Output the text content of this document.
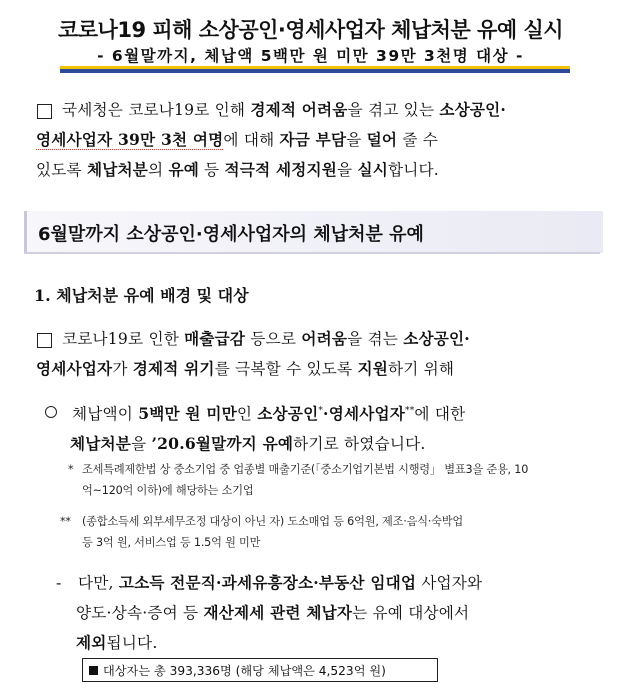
코로나19 피해 소상공인·영세사업자 체납처분 유예 실시
- 6월말까지, 체납액 5백만 원 미만 39만 3천명 대상 -
국세청은 코로나19로 인해 경제적 어려움을 겪고 있는 소상공인·
영세사업자 39만 3천 여명에 대해 자금 부담을 덜어 줄 수
있도록 체납처분의 유예 등 적극적 세정지원을 실시합니다.
6월말까지 소상공인·영세사업자의 체납처분 유예
1. 체납처분 유예 배경 및 대상
코로나19로 인한 매출급감 등으로 어려움을 겪는 소상공인·
영세사업자가 경제적 위기를 극복할 수 있도록 지원하기 위해
체납액이 5백만 원 미만인 소상공인*·영세사업자**에 대한
체납처분을 ’20.6월말까지 유예하기로 하였습니다.
* 조세특례제한법 상 중소기업 중 업종별 매출기준(「중소기업기본법 시행령」 별표3을 준용, 10
억~120억 이하)에 해당하는 소기업
** (종합소득세 외부세무조정 대상이 아닌 자) 도소매업 등 6억원, 제조·음식·숙박업
등 3억 원, 서비스업 등 1.5억 원 미만
- 다만, 고소득 전문직·과세유흥장소·부동산 임대업 사업자와
양도·상속·증여 등 재산제세 관련 체납자는 유예 대상에서
제외됩니다.
대상자는 총 393,336명 (해당 체납액은 4,523억 원)
